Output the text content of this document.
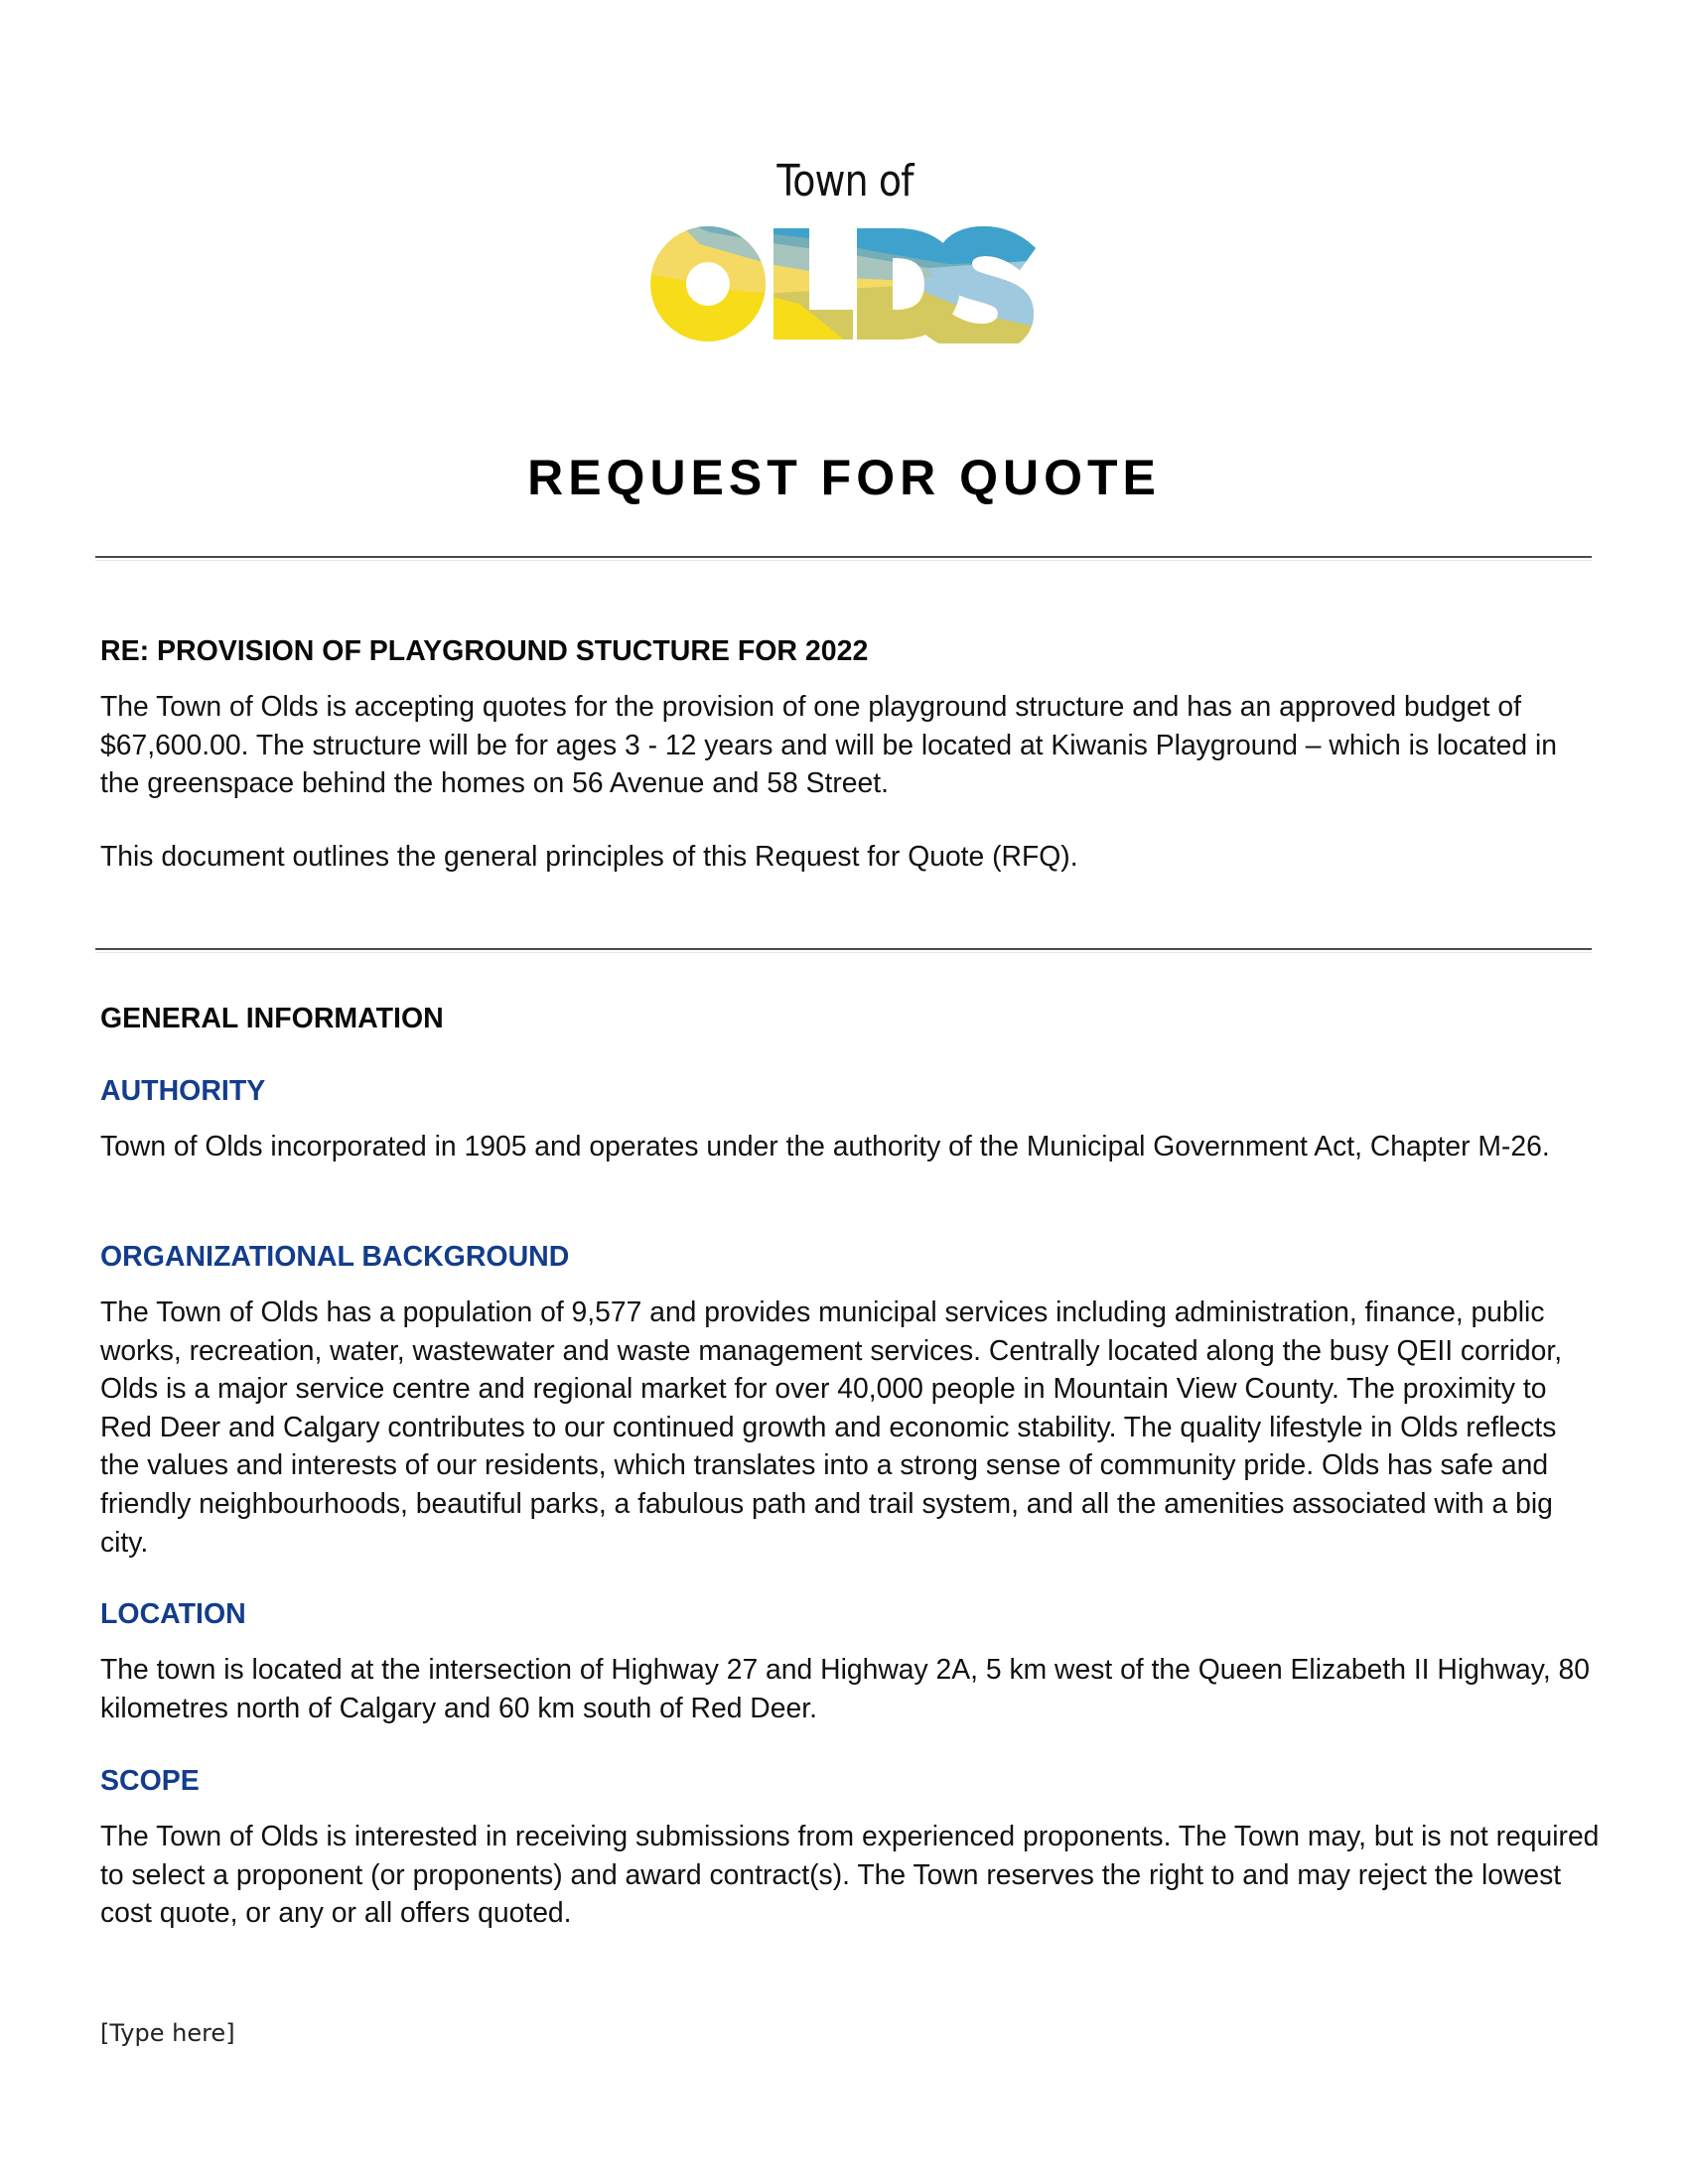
Town of
REQUEST FOR QUOTE
RE: PROVISION OF PLAYGROUND STUCTURE FOR 2022
The Town of Olds is accepting quotes for the provision of one playground structure and has an approved budget of $67,600.00. The structure will be for ages 3 - 12 years and will be located at Kiwanis Playground – which is located in the greenspace behind the homes on 56 Avenue and 58 Street.
This document outlines the general principles of this Request for Quote (RFQ).
GENERAL INFORMATION
AUTHORITY
Town of Olds incorporated in 1905 and operates under the authority of the Municipal Government Act, Chapter M-26.
ORGANIZATIONAL BACKGROUND
The Town of Olds has a population of 9,577 and provides municipal services including administration, finance, public works, recreation, water, wastewater and waste management services. Centrally located along the busy QEII corridor, Olds is a major service centre and regional market for over 40,000 people in Mountain View County. The proximity to Red Deer and Calgary contributes to our continued growth and economic stability. The quality lifestyle in Olds reflects the values and interests of our residents, which translates into a strong sense of community pride. Olds has safe and friendly neighbourhoods, beautiful parks, a fabulous path and trail system, and all the amenities associated with a big city.
LOCATION
The town is located at the intersection of Highway 27 and Highway 2A, 5 km west of the Queen Elizabeth II Highway, 80 kilometres north of Calgary and 60 km south of Red Deer.
SCOPE
The Town of Olds is interested in receiving submissions from experienced proponents. The Town may, but is not required to select a proponent (or proponents) and award contract(s). The Town reserves the right to and may reject the lowest cost quote, or any or all offers quoted.
[Type here]
